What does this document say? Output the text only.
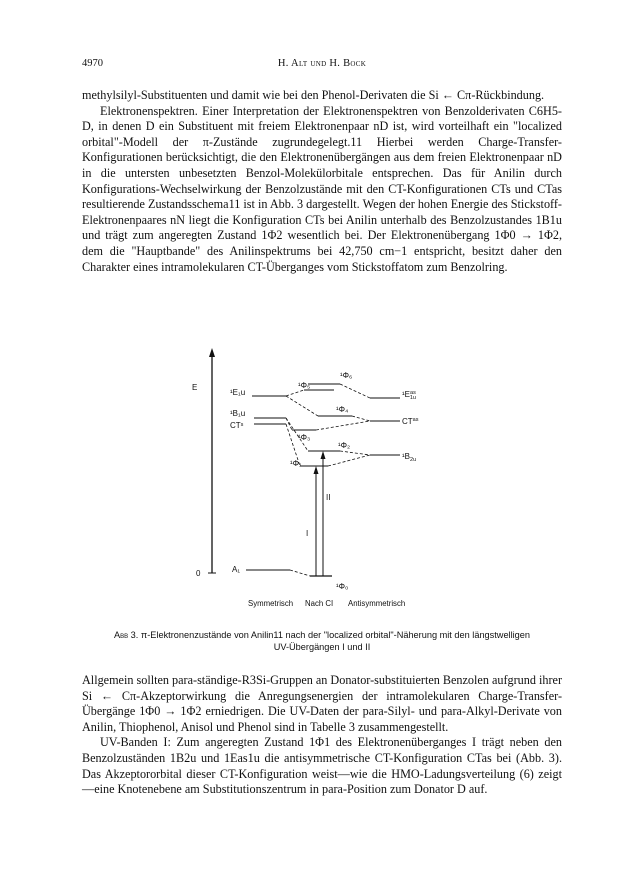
4970	H. Alt und H. Bock

methylsilyl-Substituenten und damit wie bei den Phenol-Derivaten die Si ← Cπ-Rückbindung.

Elektronenspektren. Einer Interpretation der Elektronenspektren von Benzolderivaten C6H5-D, in denen D ein Substituent mit freiem Elektronenpaar nD ist, wird vorteilhaft ein "localized orbital"-Modell der π-Zustände zugrundegelegt.11 Hierbei werden Charge-Transfer-Konfigurationen berücksichtigt, die den Elektronenübergängen aus dem freien Elektronenpaar nD in die untersten unbesetzten Benzol-Molekülorbitale entsprechen. Das für Anilin durch Konfigurations-Wechselwirkung der Benzolzustände mit den CT-Konfigurationen CTs und CTas resultierende Zustandsschema11 ist in Abb. 3 dargestellt. Wegen der hohen Energie des Stickstoff-Elektronenpaares nN liegt die Konfiguration CTs bei Anilin unterhalb des Benzolzustandes 1B1u und trägt zum angeregten Zustand 1Φ2 wesentlich bei. Der Elektronenübergang 1Φ0 → 1Φ2, dem die "Hauptbande" des Anilinspektrums bei 42,750 cm−1 entspricht, besitzt daher den Charakter eines intramolekularen CT-Überganges vom Stickstoffatom zum Benzolring.

E
0
¹E₁u
¹B₁u
CTˢ
A₁
$^1E^{as}$ 1u
$CT^{as}$
$^1B_{2u}$
¹Φ₆
¹Φ₅
¹Φ₄
¹Φ₃
¹Φ₂
¹Φ₁
¹Φ₀
II
I
Symmetrisch Nach CI Antisymmetrisch
Abb 3. π-Elektronenzustände von Anilin11 nach der "localized orbital"-Näherung mit den längstwelligen UV-Übergängen I und II

Allgemein sollten para-ständige-R3Si-Gruppen an Donator-substituierten Benzolen aufgrund ihrer Si ← Cπ-Akzeptorwirkung die Anregungsenergien der intramolekularen Charge-Transfer-Übergänge 1Φ0 → 1Φ2 erniedrigen. Die UV-Daten der para-Silyl- und para-Alkyl-Derivate von Anilin, Thiophenol, Anisol und Phenol sind in Tabelle 3 zusammengestellt.

UV-Banden I: Zum angeregten Zustand 1Φ1 des Elektronenüberganges I trägt neben den Benzolzuständen 1B2u und 1Eas1u die antisymmetrische CT-Konfiguration CTas bei (Abb. 3). Das Akzeptororbital dieser CT-Konfiguration weist—wie die HMO-Ladungsverteilung (6) zeigt—eine Knotenebene am Substitutionszentrum in para-Position zum Donator D auf.
